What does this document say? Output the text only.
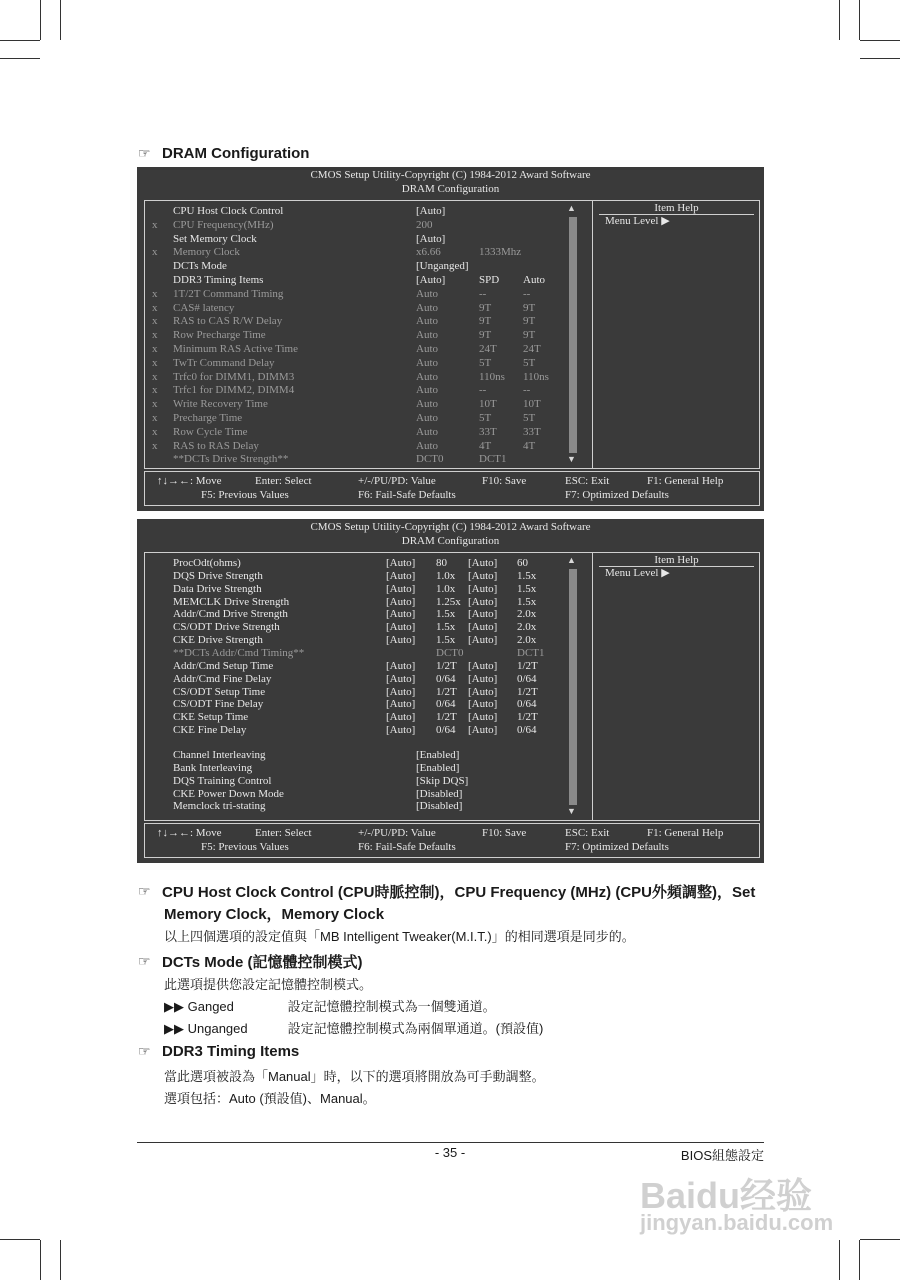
☞ DRAM Configuration
CMOS Setup Utility-Copyright (C) 1984-2012 Award Software
DRAM Configuration
Item Help
Menu Level ▶
▲
▼
CPU Host Clock Control	[Auto]
x CPU Frequency(MHz)	200
Set Memory Clock	[Auto]
x Memory Clock	x6.66	1333Mhz
DCTs Mode	[Unganged]
DDR3 Timing Items	[Auto]	SPD Auto
x 1T/2T Command Timing	Auto	--	--
x CAS# latency	Auto	9T	9T
x RAS to CAS R/W Delay	Auto	9T	9T
x Row Precharge Time	Auto	9T	9T
x Minimum RAS Active Time	Auto	24T 24T
x TwTr Command Delay	Auto	5T	5T
x Trfc0 for DIMM1, DIMM3	Auto	110ns 110ns
x Trfc1 for DIMM2, DIMM4	Auto	--	--
x Write Recovery Time	Auto	10T 10T
x Precharge Time	Auto	5T	5T
x Row Cycle Time	Auto	33T 33T
x RAS to RAS Delay	Auto	4T	4T
**DCTs Drive Strength**	DCT0	DCT1
↑↓→←: Move	Enter: Select	+/-/PU/PD: Value	F10: Save	ESC: Exit	F1: General Help
F5: Previous Values	F6: Fail-Safe Defaults	F7: Optimized Defaults
CMOS Setup Utility-Copyright (C) 1984-2012 Award Software
DRAM Configuration
Item Help
Menu Level ▶
▲
▼
ProcOdt(ohms)	[Auto] 80 [Auto] 60
DQS Drive Strength	[Auto] 1.0x [Auto] 1.5x
Data Drive Strength	[Auto] 1.0x [Auto] 1.5x
MEMCLK Drive Strength	[Auto] 1.25x [Auto] 1.5x
Addr/Cmd Drive Strength	[Auto] 1.5x [Auto] 2.0x
CS/ODT Drive Strength	[Auto] 1.5x [Auto] 2.0x
CKE Drive Strength	[Auto] 1.5x [Auto] 2.0x
**DCTs Addr/Cmd Timing**	DCT0	DCT1
Addr/Cmd Setup Time	[Auto] 1/2T [Auto] 1/2T
Addr/Cmd Fine Delay	[Auto] 0/64 [Auto] 0/64
CS/ODT Setup Time	[Auto] 1/2T [Auto] 1/2T
CS/ODT Fine Delay	[Auto] 0/64 [Auto] 0/64
CKE Setup Time	[Auto] 1/2T [Auto] 1/2T
CKE Fine Delay	[Auto] 0/64 [Auto] 0/64
Channel Interleaving	[Enabled]
Bank Interleaving	[Enabled]
DQS Training Control	[Skip DQS]
CKE Power Down Mode	[Disabled]
Memclock tri-stating	[Disabled]
↑↓→←: Move	Enter: Select	+/-/PU/PD: Value	F10: Save	ESC: Exit	F1: General Help
F5: Previous Values	F6: Fail-Safe Defaults	F7: Optimized Defaults
☞ CPU Host Clock Control (CPU時脈控制)，CPU Frequency (MHz) (CPU外頻調整)，Set
Memory Clock，Memory Clock
以上四個選項的設定值與「MB Intelligent Tweaker(M.I.T.)」的相同選項是同步的。
☞ DCTs Mode (記憶體控制模式)
此選項提供您設定記憶體控制模式。
▶▶ Ganged	設定記憶體控制模式為一個雙通道。
▶▶ Unganged	設定記憶體控制模式為兩個單通道。(預設值)
☞ DDR3 Timing Items
當此選項被設為「Manual」時，以下的選項將開放為可手動調整。
選項包括：Auto (預設值)、Manual。
- 35 -	BIOS組態設定
Baidu经验
jingyan.baidu.com
